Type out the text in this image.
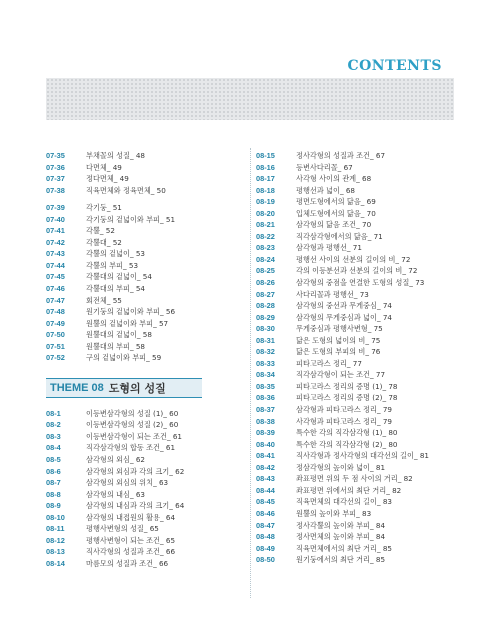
CONTENTS
07-35	부채꼴의 성질_ 48
07-36	다면체_ 49
07-37	정다면체_ 49
07-38	직육면체와 정육면체_ 50
07-39	각기둥_ 51
07-40	각기둥의 겉넓이와 부피_ 51
07-41	각뿔_ 52
07-42	각뿔대_ 52
07-43	각뿔의 겉넓이_ 53
07-44	각뿔의 부피_ 53
07-45	각뿔대의 겉넓이_ 54
07-46	각뿔대의 부피_ 54
07-47	회전체_ 55
07-48	원기둥의 겉넓이와 부피_ 56
07-49	원뿔의 겉넓이와 부피_ 57
07-50	원뿔대의 겉넓이_ 58
07-51	원뿔대의 부피_ 58
07-52	구의 겉넓이와 부피_ 59
THEME 08 도형의 성질
08-1	이등변삼각형의 성질 (1)_ 60
08-2	이등변삼각형의 성질 (2)_ 60
08-3	이등변삼각형이 되는 조건_ 61
08-4	직각삼각형의 합동 조건_ 61
08-5	삼각형의 외심_ 62
08-6	삼각형의 외심과 각의 크기_ 62
08-7	삼각형의 외심의 위치_ 63
08-8	삼각형의 내심_ 63
08-9	삼각형의 내심과 각의 크기_ 64
08-10	삼각형의 내접원의 활용_ 64
08-11	평행사변형의 성질_ 65
08-12	평행사변형이 되는 조건_ 65
08-13	직사각형의 성질과 조건_ 66
08-14	마름모의 성질과 조건_ 66
08-15	정사각형의 성질과 조건_ 67
08-16	등변사다리꼴_ 67
08-17	사각형 사이의 관계_ 68
08-18	평행선과 넓이_ 68
08-19	평면도형에서의 닮음_ 69
08-20	입체도형에서의 닮음_ 70
08-21	삼각형의 닮음 조건_ 70
08-22	직각삼각형에서의 닮음_ 71
08-23	삼각형과 평행선_ 71
08-24	평행선 사이의 선분의 길이의 비_ 72
08-25	각의 이등분선과 선분의 길이의 비_ 72
08-26	삼각형의 중점을 연결한 도형의 성질_ 73
08-27	사다리꼴과 평행선_ 73
08-28	삼각형의 중선과 무게중심_ 74
08-29	삼각형의 무게중심과 넓이_ 74
08-30	무게중심과 평행사변형_ 75
08-31	닮은 도형의 넓이의 비_ 75
08-32	닮은 도형의 부피의 비_ 76
08-33	피타고라스 정리_ 77
08-34	직각삼각형이 되는 조건_ 77
08-35	피타고라스 정리의 증명 (1)_ 78
08-36	피타고라스 정리의 증명 (2)_ 78
08-37	삼각형과 피타고라스 정리_ 79
08-38	사각형과 피타고라스 정리_ 79
08-39	특수한 각의 직각삼각형 (1)_ 80
08-40	특수한 각의 직각삼각형 (2)_ 80
08-41	직사각형과 정사각형의 대각선의 길이_ 81
08-42	정삼각형의 높이와 넓이_ 81
08-43	좌표평면 위의 두 점 사이의 거리_ 82
08-44	좌표평면 위에서의 최단 거리_ 82
08-45	직육면체의 대각선의 길이_ 83
08-46	원뿔의 높이와 부피_ 83
08-47	정사각뿔의 높이와 부피_ 84
08-48	정사면체의 높이와 부피_ 84
08-49	직육면체에서의 최단 거리_ 85
08-50	원기둥에서의 최단 거리_ 85
